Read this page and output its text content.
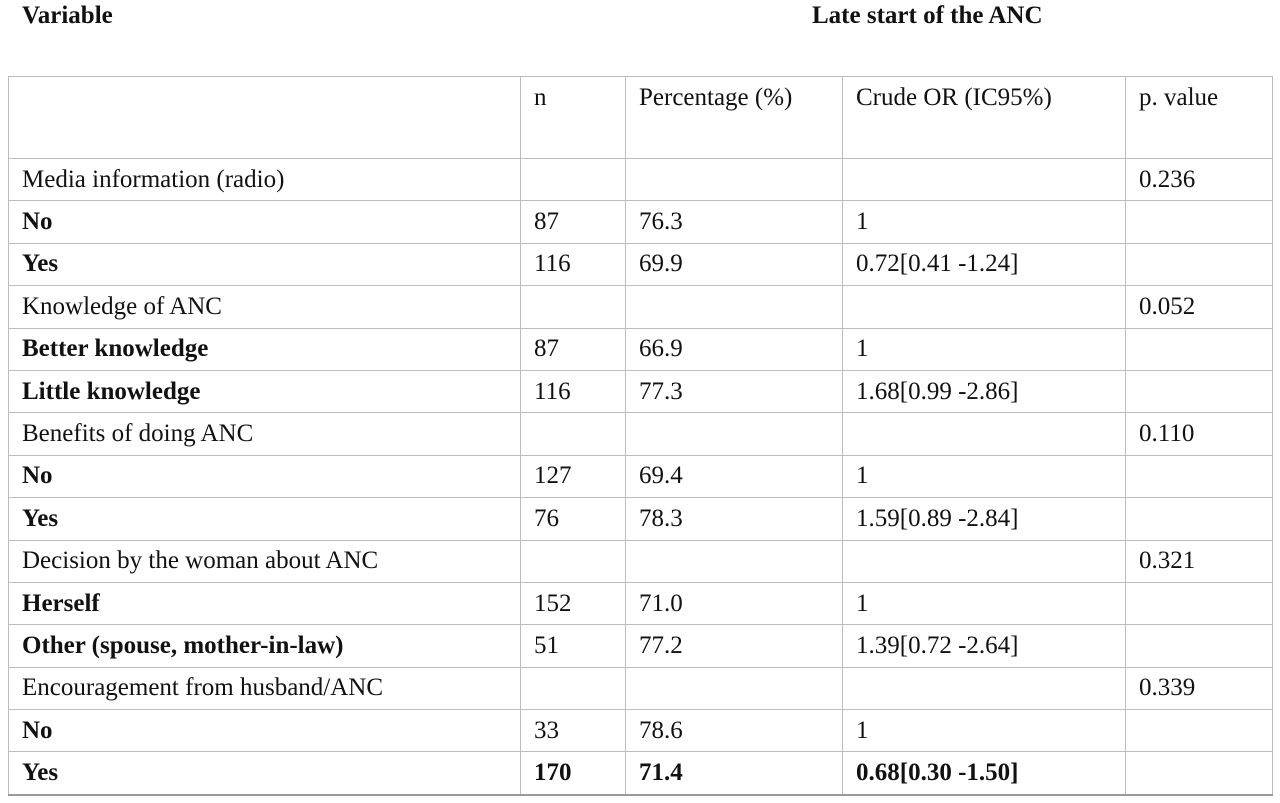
Variable	Late start of the ANC
	n	Percentage (%)	Crude OR (IC95%)	p. value
Media information (radio)				0.236
No	87	76.3	1	
Yes	116	69.9	0.72[0.41 -1.24]	
Knowledge of ANC				0.052
Better knowledge	87	66.9	1	
Little knowledge	116	77.3	1.68[0.99 -2.86]	
Benefits of doing ANC				0.110
No	127	69.4	1	
Yes	76	78.3	1.59[0.89 -2.84]	
Decision by the woman about ANC				0.321
Herself	152	71.0	1	
Other (spouse, mother-in-law)	51	77.2	1.39[0.72 -2.64]	
Encouragement from husband/ANC				0.339
No	33	78.6	1	
Yes	170	71.4	0.68[0.30 -1.50]	
